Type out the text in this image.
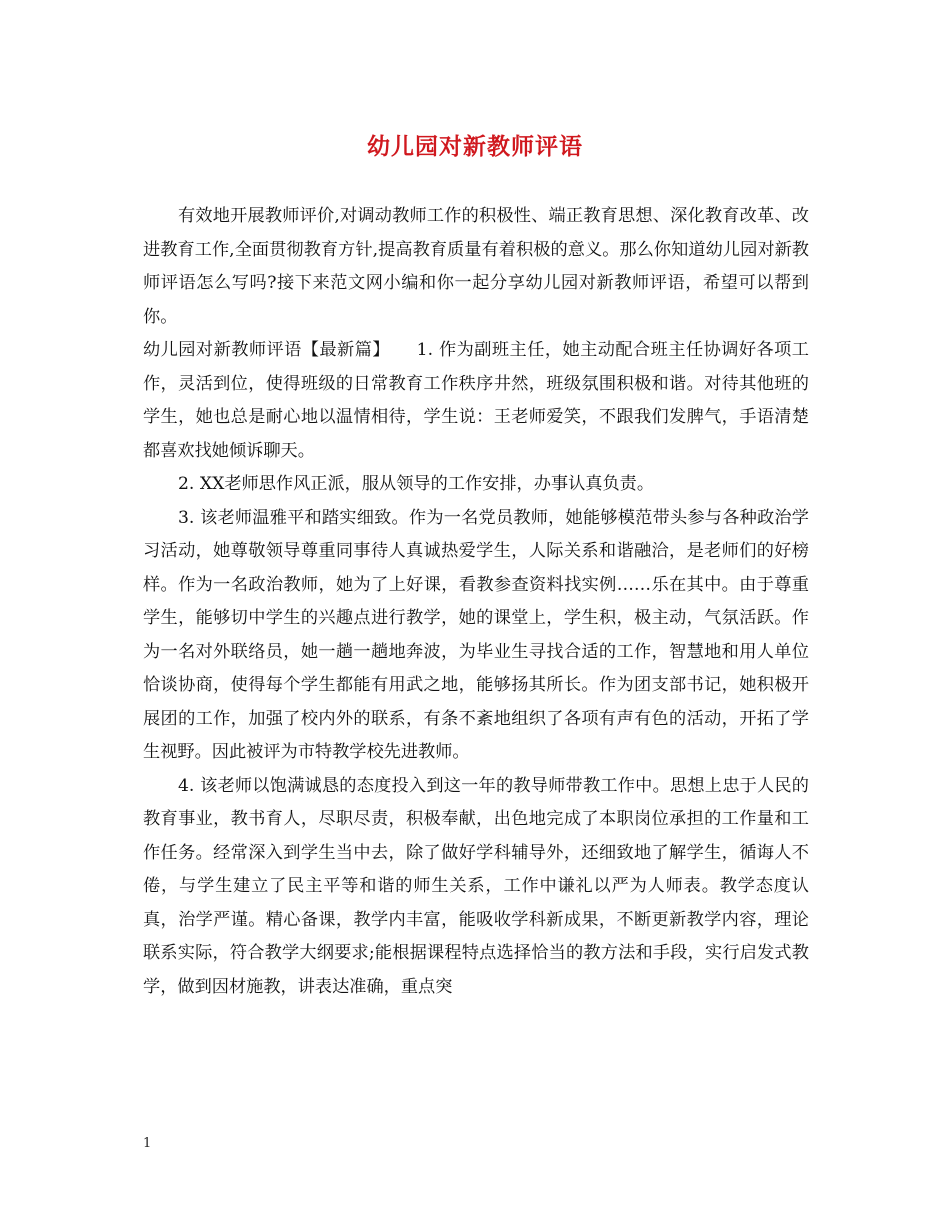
幼儿园对新教师评语

有效地开展教师评价,对调动教师工作的积极性、端正教育思想、深化教育改革、改进教育工作,全面贯彻教育方针,提高教育质量有着积极的意义。那么你知道幼儿园对新教师评语怎么写吗?接下来范文网小编和你一起分享幼儿园对新教师评语，希望可以帮到你。

幼儿园对新教师评语【最新篇】　　1. 作为副班主任，她主动配合班主任协调好各项工作，灵活到位，使得班级的日常教育工作秩序井然，班级氛围积极和谐。对待其他班的学生，她也总是耐心地以温情相待，学生说：王老师爱笑，不跟我们发脾气，手语清楚都喜欢找她倾诉聊天。

2. XX老师思作风正派，服从领导的工作安排，办事认真负责。

3. 该老师温雅平和踏实细致。作为一名党员教师，她能够模范带头参与各种政治学习活动，她尊敬领导尊重同事待人真诚热爱学生，人际关系和谐融洽，是老师们的好榜样。作为一名政治教师，她为了上好课，看教参查资料找实例……乐在其中。由于尊重学生，能够切中学生的兴趣点进行教学，她的课堂上，学生积，极主动，气氛活跃。作为一名对外联络员，她一趟一趟地奔波，为毕业生寻找合适的工作，智慧地和用人单位恰谈协商，使得每个学生都能有用武之地，能够扬其所长。作为团支部书记，她积极开展团的工作，加强了校内外的联系，有条不紊地组织了各项有声有色的活动，开拓了学生视野。因此被评为市特教学校先进教师。

4. 该老师以饱满诚恳的态度投入到这一年的教导师带教工作中。思想上忠于人民的教育事业，教书育人，尽职尽责，积极奉献，出色地完成了本职岗位承担的工作量和工作任务。经常深入到学生当中去，除了做好学科辅导外，还细致地了解学生，循诲人不倦，与学生建立了民主平等和谐的师生关系，工作中谦礼以严为人师表。教学态度认真，治学严谨。精心备课，教学内丰富，能吸收学科新成果，不断更新教学内容，理论联系实际，符合教学大纲要求;能根据课程特点选择恰当的教方法和手段，实行启发式教学，做到因材施教，讲表达准确，重点突

1
